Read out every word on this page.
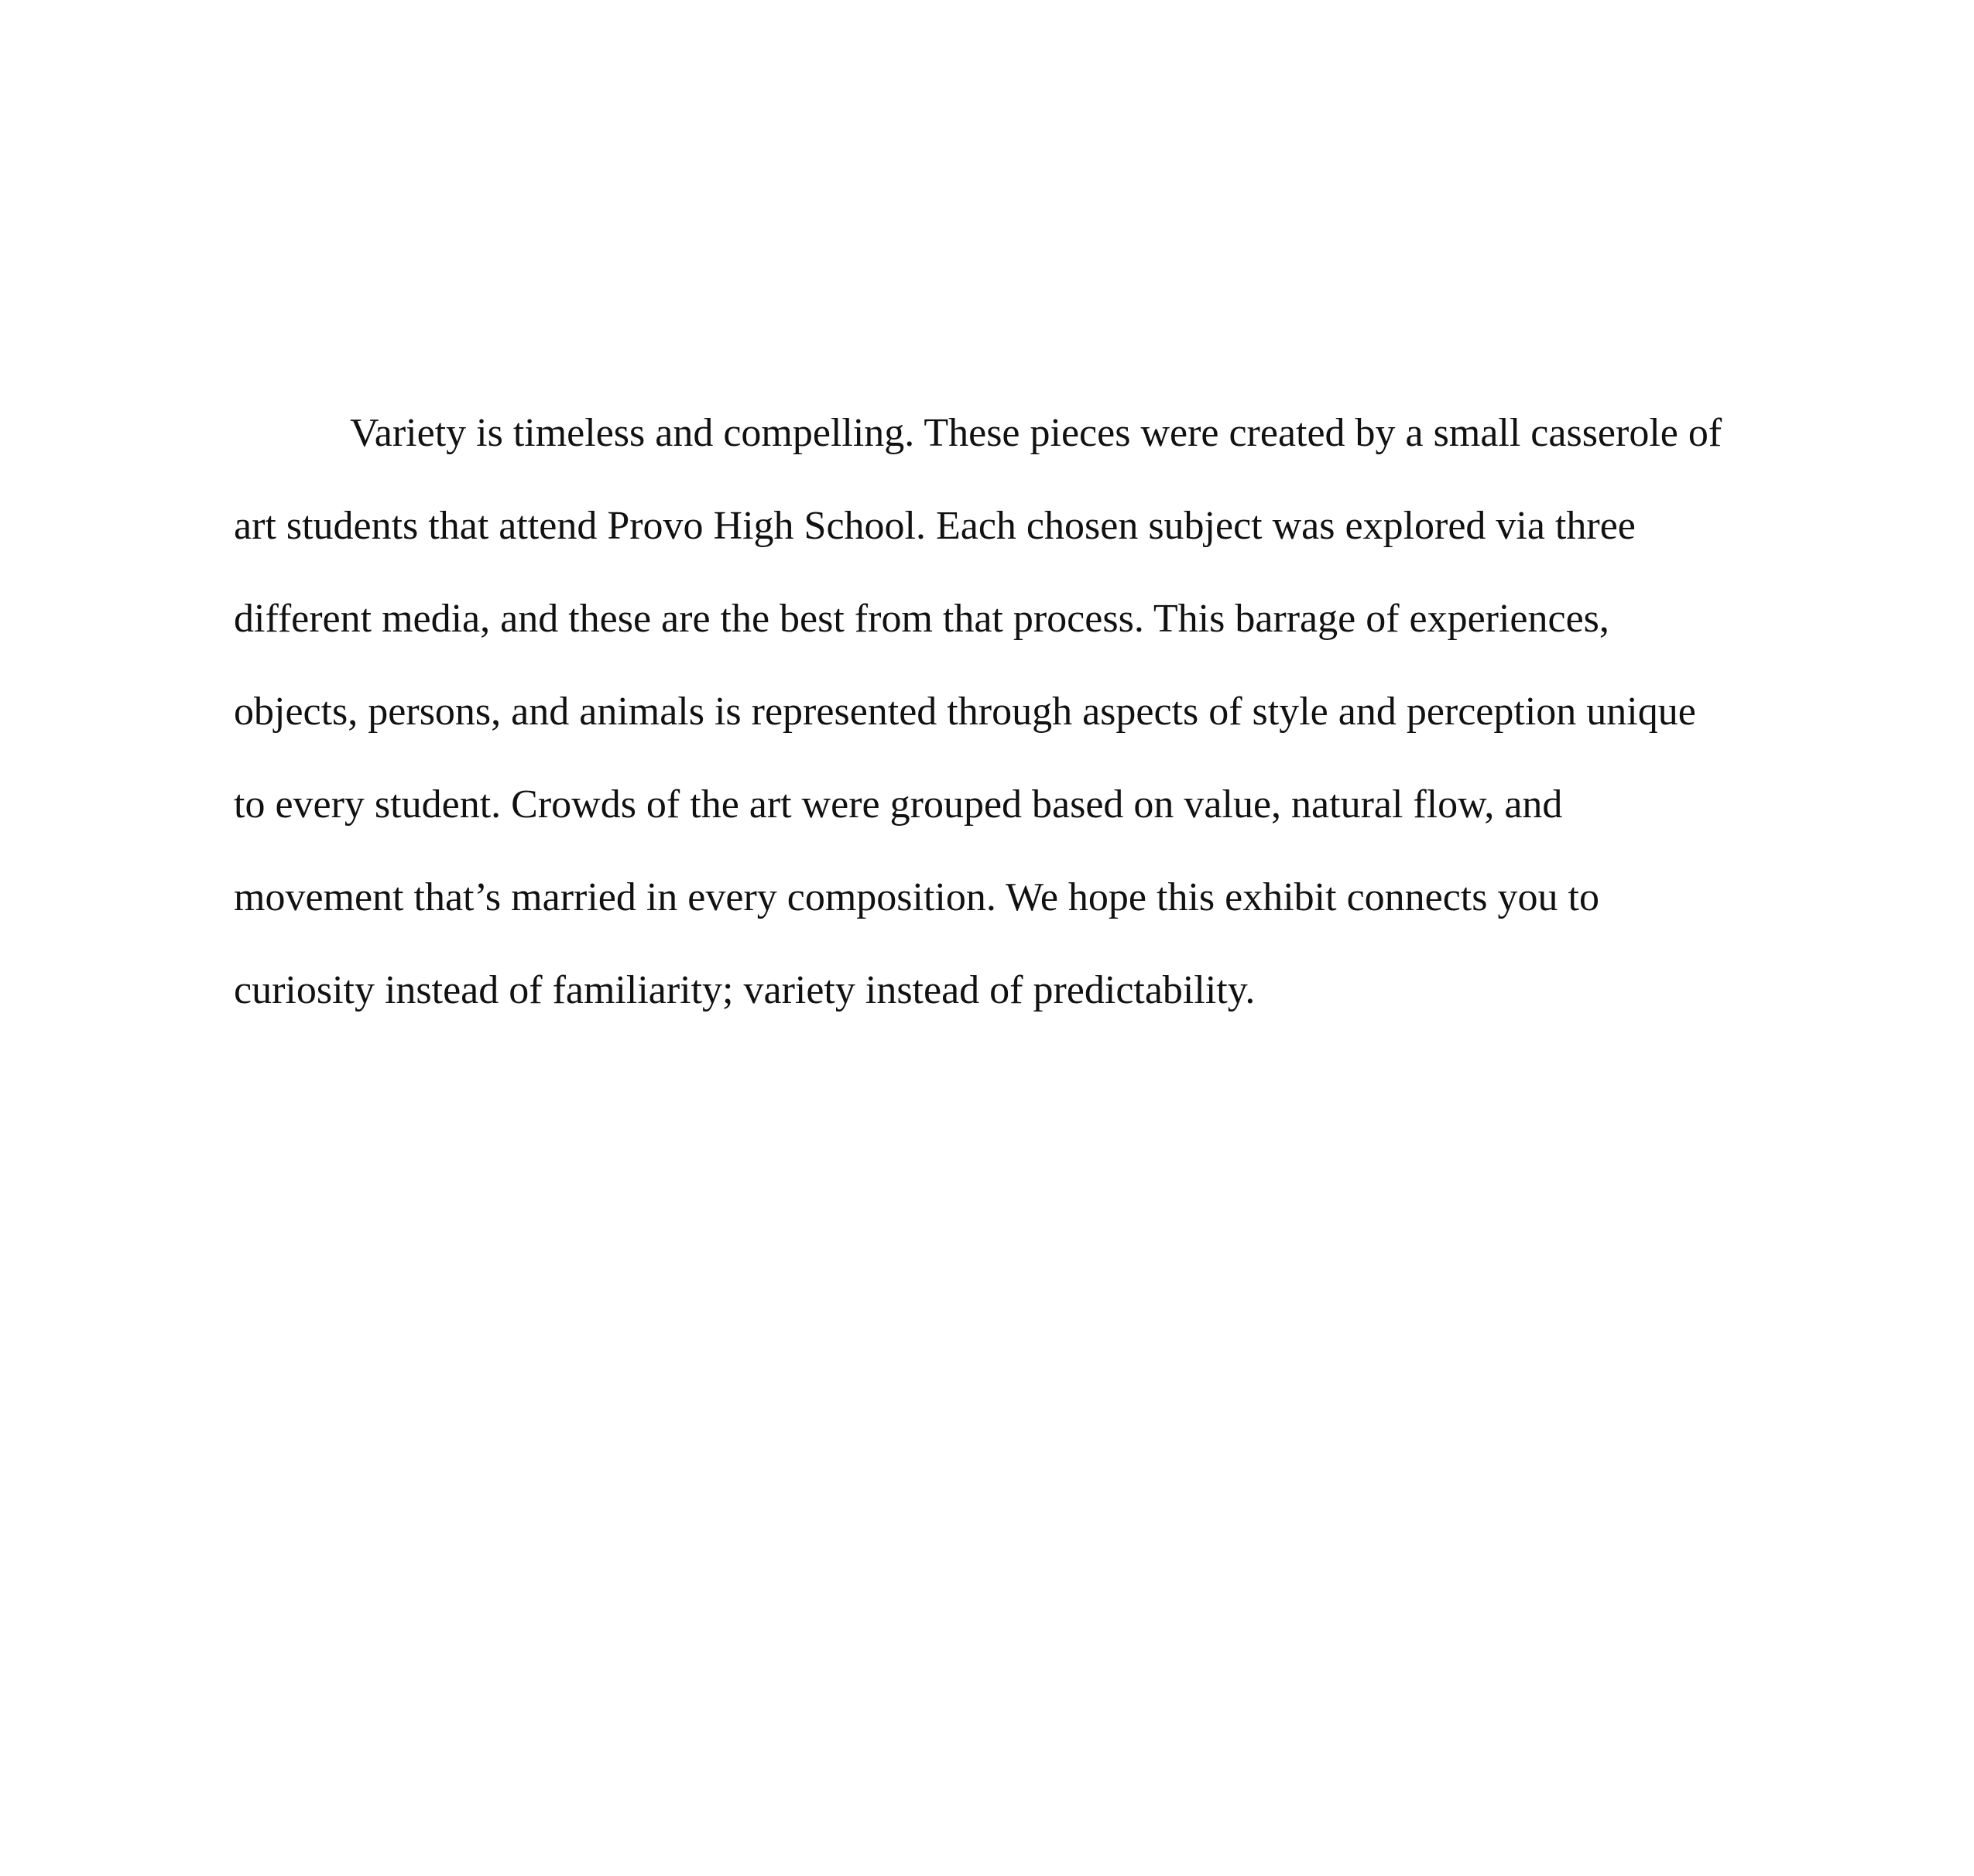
Variety is timeless and compelling. These pieces were created by a small casserole of
art students that attend Provo High School. Each chosen subject was explored via three
different media, and these are the best from that process. This barrage of experiences,
objects, persons, and animals is represented through aspects of style and perception unique
to every student. Crowds of the art were grouped based on value, natural flow, and
movement that’s married in every composition. We hope this exhibit connects you to
curiosity instead of familiarity; variety instead of predictability.
